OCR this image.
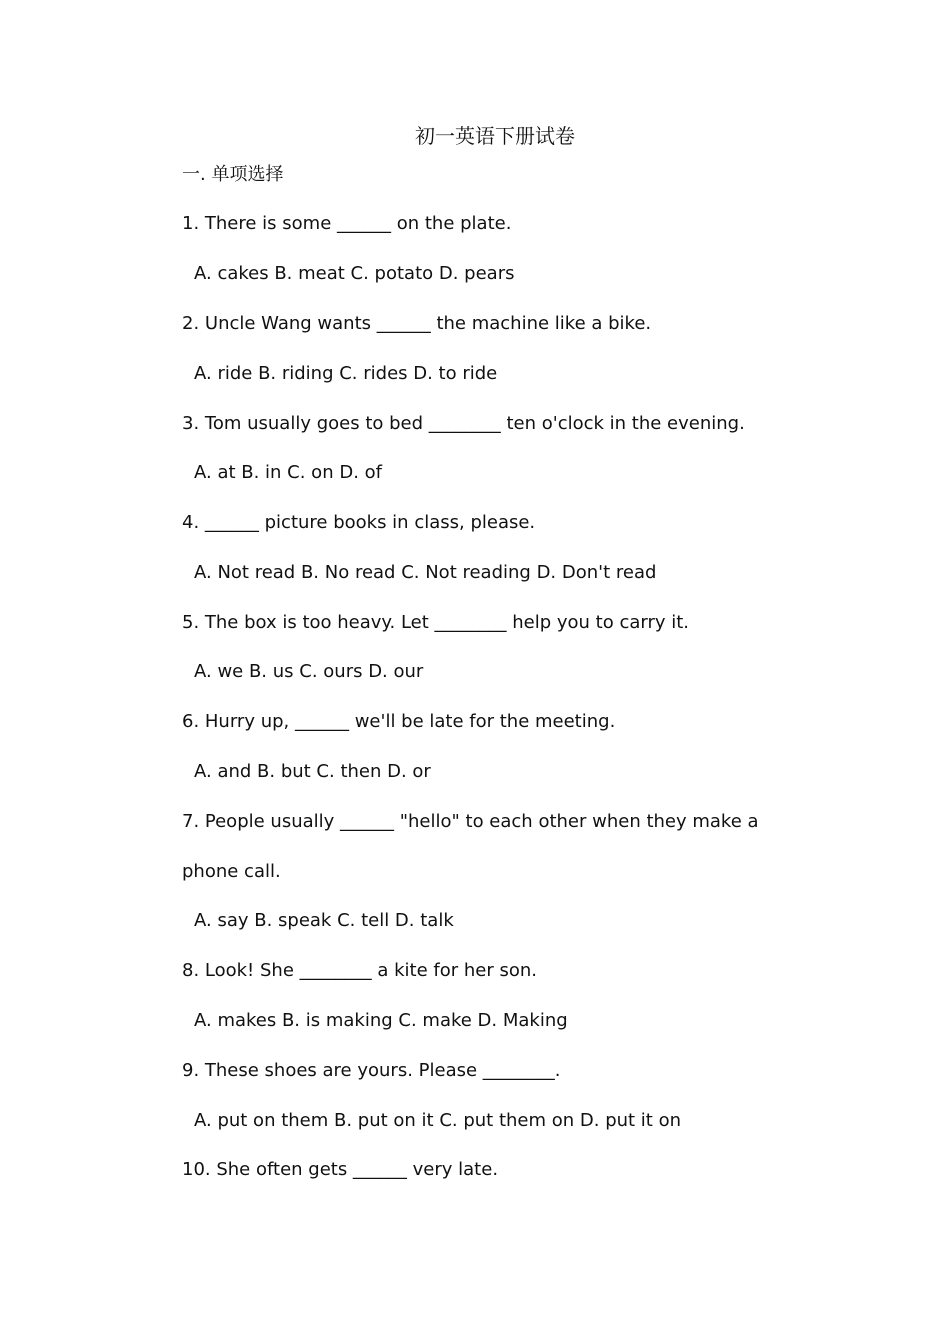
初一英语下册试卷
一. 单项选择
1. There is some ______ on the plate.
A. cakes B. meat C. potato D. pears
2. Uncle Wang wants ______ the machine like a bike.
A. ride B. riding C. rides D. to ride
3. Tom usually goes to bed ________ ten o'clock in the evening.
A. at B. in C. on D. of
4. ______ picture books in class, please.
A. Not read B. No read C. Not reading D. Don't read
5. The box is too heavy. Let ________ help you to carry it.
A. we B. us C. ours D. our
6. Hurry up, ______ we'll be late for the meeting.
A. and B. but C. then D. or
7. People usually ______ "hello" to each other when they make a
phone call.
A. say B. speak C. tell D. talk
8. Look! She ________ a kite for her son.
A. makes B. is making C. make D. Making
9. These shoes are yours. Please ________.
A. put on them B. put on it C. put them on D. put it on
10. She often gets ______ very late.
